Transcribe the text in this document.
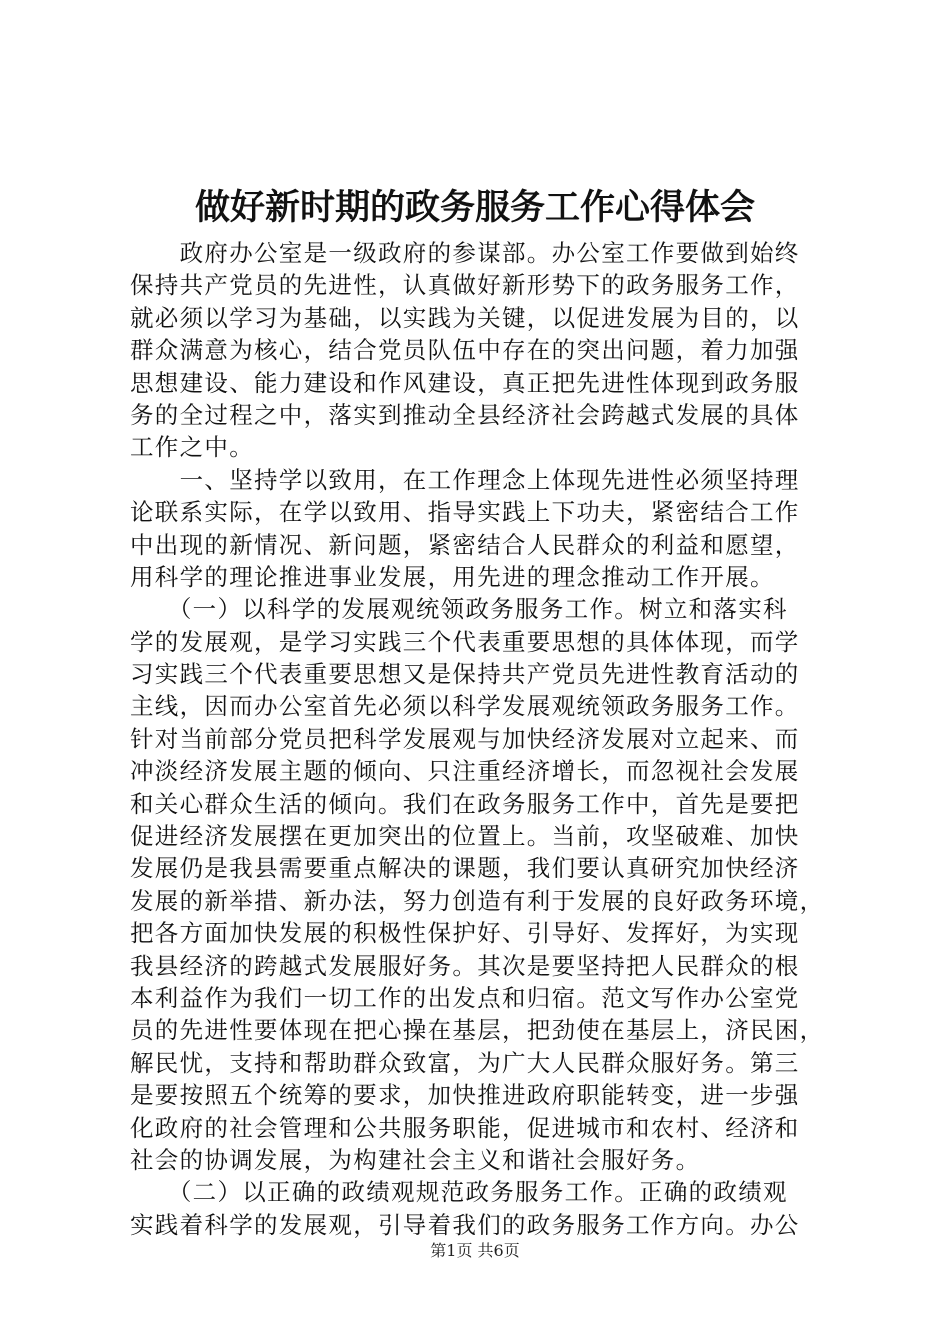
做好新时期的政务服务工作心得体会
　　政府办公室是一级政府的参谋部。办公室工作要做到始终
保持共产党员的先进性，认真做好新形势下的政务服务工作，
就必须以学习为基础，以实践为关键，以促进发展为目的，以
群众满意为核心，结合党员队伍中存在的突出问题，着力加强
思想建设、能力建设和作风建设，真正把先进性体现到政务服
务的全过程之中，落实到推动全县经济社会跨越式发展的具体
工作之中。
　　一、坚持学以致用，在工作理念上体现先进性必须坚持理
论联系实际，在学以致用、指导实践上下功夫，紧密结合工作
中出现的新情况、新问题，紧密结合人民群众的利益和愿望，
用科学的理论推进事业发展，用先进的理念推动工作开展。
　　（一）以科学的发展观统领政务服务工作。树立和落实科
学的发展观，是学习实践三个代表重要思想的具体体现，而学
习实践三个代表重要思想又是保持共产党员先进性教育活动的
主线，因而办公室首先必须以科学发展观统领政务服务工作。
针对当前部分党员把科学发展观与加快经济发展对立起来、而
冲淡经济发展主题的倾向、只注重经济增长，而忽视社会发展
和关心群众生活的倾向。我们在政务服务工作中，首先是要把
促进经济发展摆在更加突出的位置上。当前，攻坚破难、加快
发展仍是我县需要重点解决的课题，我们要认真研究加快经济
发展的新举措、新办法，努力创造有利于发展的良好政务环境，
把各方面加快发展的积极性保护好、引导好、发挥好，为实现
我县经济的跨越式发展服好务。其次是要坚持把人民群众的根
本利益作为我们一切工作的出发点和归宿。范文写作办公室党
员的先进性要体现在把心操在基层，把劲使在基层上，济民困，
解民忧，支持和帮助群众致富，为广大人民群众服好务。第三
是要按照五个统筹的要求，加快推进政府职能转变，进一步强
化政府的社会管理和公共服务职能，促进城市和农村、经济和
社会的协调发展，为构建社会主义和谐社会服好务。
　　（二）以正确的政绩观规范政务服务工作。正确的政绩观
实践着科学的发展观，引导着我们的政务服务工作方向。办公
第1页 共6页
